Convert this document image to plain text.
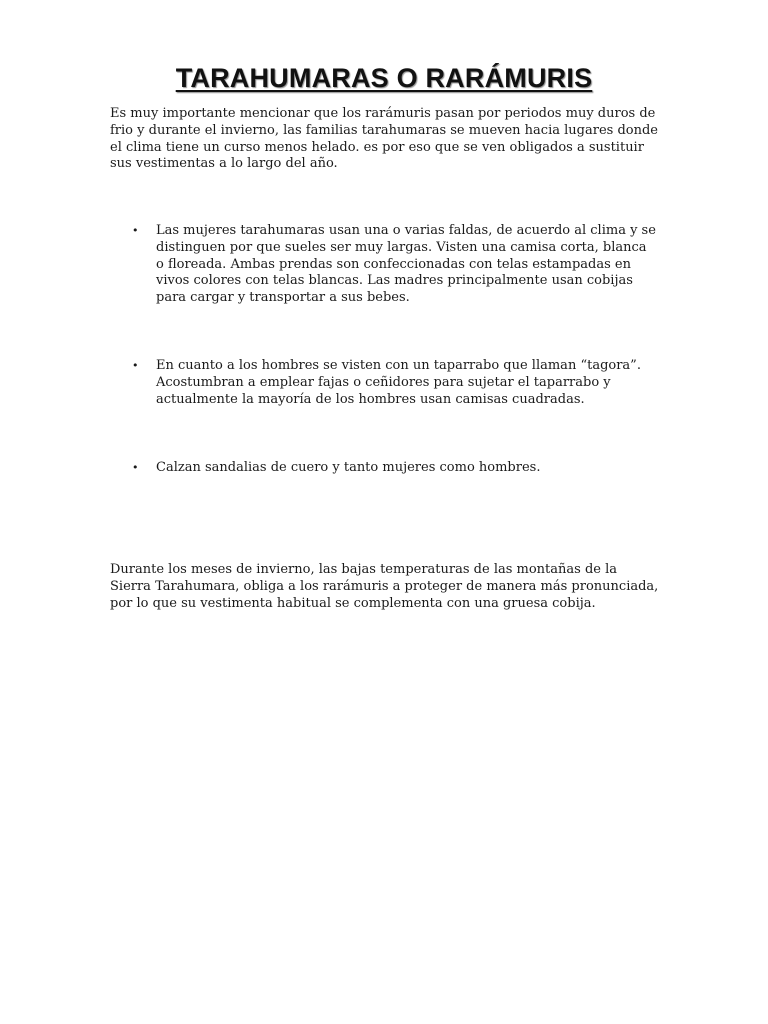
TARAHUMARAS O RARÁMURIS

Es muy importante mencionar que los rarámuris pasan por periodos muy duros de frio y durante el invierno, las familias tarahumaras se mueven hacia lugares donde el clima tiene un curso menos helado. es por eso que se ven obligados a sustituir sus vestimentas a lo largo del año.

•	Las mujeres tarahumaras usan una o varias faldas, de acuerdo al clima y se distinguen por que sueles ser muy largas. Visten una camisa corta, blanca o floreada. Ambas prendas son confeccionadas con telas estampadas en vivos colores con telas blancas. Las madres principalmente usan cobijas para cargar y transportar a sus bebes.
•	En cuanto a los hombres se visten con un taparrabo que llaman “tagora”. Acostumbran a emplear fajas o ceñidores para sujetar el taparrabo y actualmente la mayoría de los hombres usan camisas cuadradas.
•	Calzan sandalias de cuero y tanto mujeres como hombres.

Durante los meses de invierno, las bajas temperaturas de las montañas de la Sierra Tarahumara, obliga a los rarámuris a proteger de manera más pronunciada, por lo que su vestimenta habitual se complementa con una gruesa cobija.
